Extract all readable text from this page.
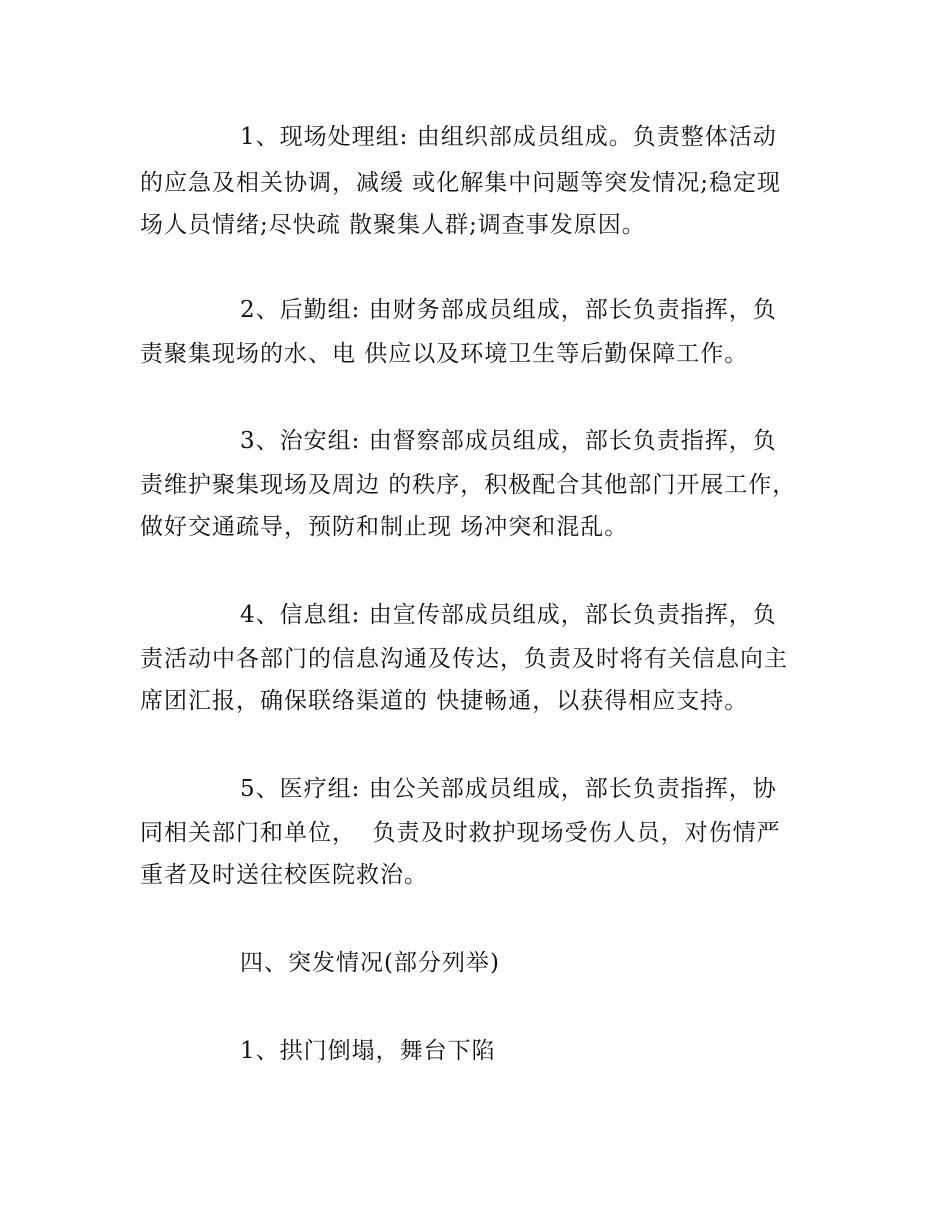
1、现场处理组: 由组织部成员组成。负责整体活动
的应急及相关协调，减缓 或化解集中问题等突发情况;稳定现
场人员情绪;尽快疏 散聚集人群;调查事发原因。
2、后勤组: 由财务部成员组成，部长负责指挥，负
责聚集现场的水、电 供应以及环境卫生等后勤保障工作。
3、治安组: 由督察部成员组成，部长负责指挥，负
责维护聚集现场及周边 的秩序，积极配合其他部门开展工作，
做好交通疏导，预防和制止现 场冲突和混乱。
4、信息组: 由宣传部成员组成，部长负责指挥，负
责活动中各部门的信息沟通及传达，负责及时将有关信息向主
席团汇报，确保联络渠道的 快捷畅通，以获得相应支持。
5、医疗组: 由公关部成员组成，部长负责指挥，协
同相关部门和单位，  负责及时救护现场受伤人员，对伤情严
重者及时送往校医院救治。
四、突发情况(部分列举)
1、拱门倒塌，舞台下陷
